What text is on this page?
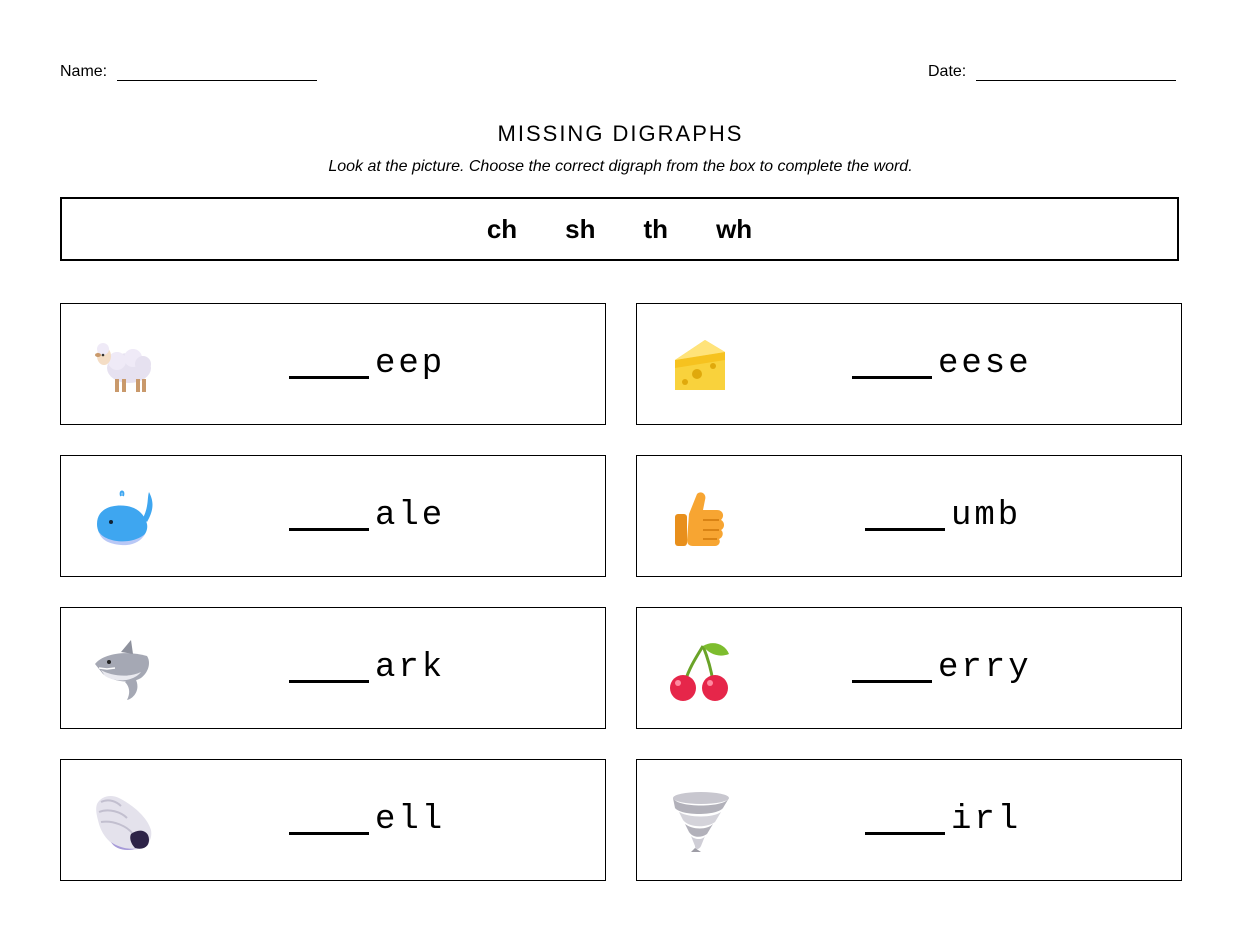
Name:	Date:
MISSING DIGRAPHS
Look at the picture. Choose the correct digraph from the box to complete the word.
ch sh th wh
eep	eese
ale	umb
ark	erry
ell	irl
